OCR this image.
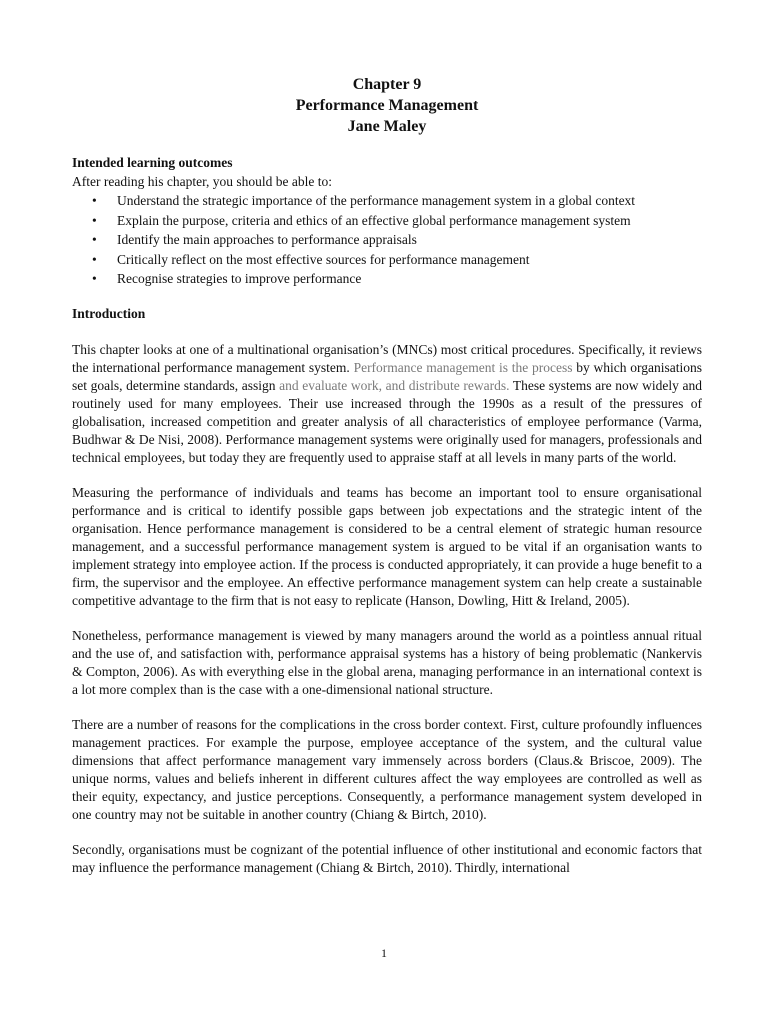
Chapter 9

Performance Management

Jane Maley

Intended learning outcomes

After reading his chapter, you should be able to:

• Understand the strategic importance of the performance management system in a global context
• Explain the purpose, criteria and ethics of an effective global performance management system
• Identify the main approaches to performance appraisals
• Critically reflect on the most effective sources for performance management
• Recognise strategies to improve performance

Introduction

This chapter looks at one of a multinational organisation’s (MNCs) most critical procedures. Specifically, it reviews the international performance management system. Performance management is the process by which organisations set goals, determine standards, assign and evaluate work, and distribute rewards. These systems are now widely and routinely used for many employees. Their use increased through the 1990s as a result of the pressures of globalisation, increased competition and greater analysis of all characteristics of employee performance (Varma, Budhwar & De Nisi, 2008). Performance management systems were originally used for managers, professionals and technical employees, but today they are frequently used to appraise staff at all levels in many parts of the world.

Measuring the performance of individuals and teams has become an important tool to ensure organisational performance and is critical to identify possible gaps between job expectations and the strategic intent of the organisation. Hence performance management is considered to be a central element of strategic human resource management, and a successful performance management system is argued to be vital if an organisation wants to implement strategy into employee action. If the process is conducted appropriately, it can provide a huge benefit to a firm, the supervisor and the employee. An effective performance management system can help create a sustainable competitive advantage to the firm that is not easy to replicate (Hanson, Dowling, Hitt & Ireland, 2005).

Nonetheless, performance management is viewed by many managers around the world as a pointless annual ritual and the use of, and satisfaction with, performance appraisal systems has a history of being problematic (Nankervis & Compton, 2006). As with everything else in the global arena, managing performance in an international context is a lot more complex than is the case with a one-dimensional national structure.

There are a number of reasons for the complications in the cross border context. First, culture profoundly influences management practices. For example the purpose, employee acceptance of the system, and the cultural value dimensions that affect performance management vary immensely across borders (Claus.& Briscoe, 2009). The unique norms, values and beliefs inherent in different cultures affect the way employees are controlled as well as their equity, expectancy, and justice perceptions. Consequently, a performance management system developed in one country may not be suitable in another country (Chiang & Birtch, 2010).

Secondly, organisations must be cognizant of the potential influence of other institutional and economic factors that may influence the performance management (Chiang & Birtch, 2010). Thirdly, international

1
